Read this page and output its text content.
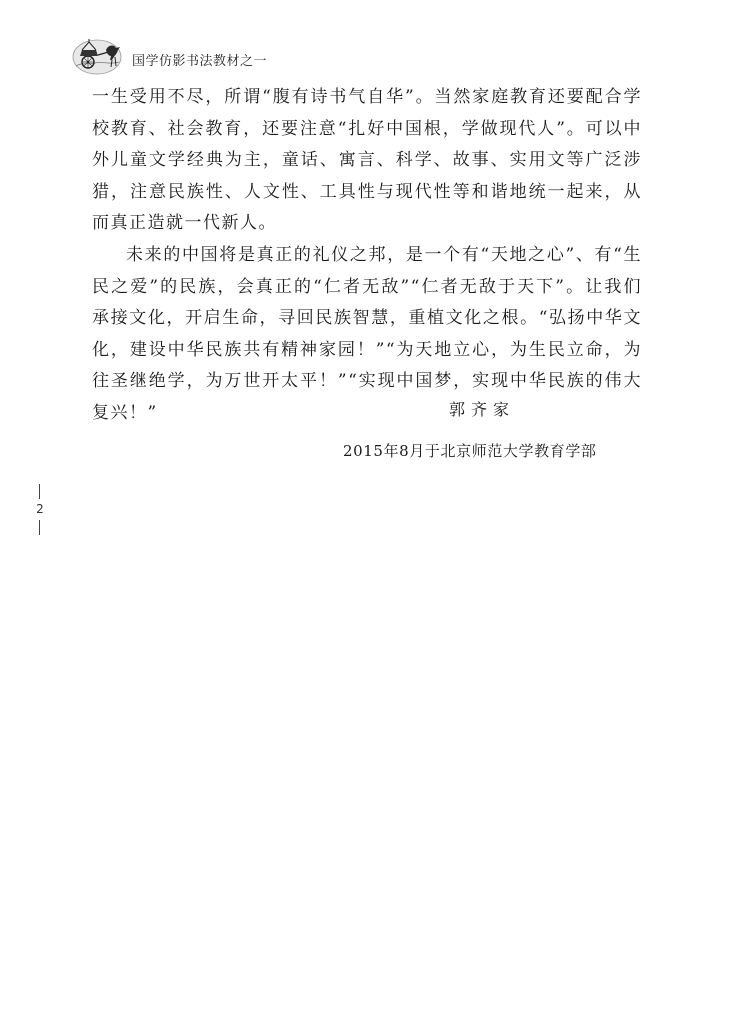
国学仿影书法教材之一

一生受用不尽，所谓“腹有诗书气自华”。当然家庭教育还要配合学校教育、社会教育，还要注意“扎好中国根，学做现代人”。可以中外儿童文学经典为主，童话、寓言、科学、故事、实用文等广泛涉猎，注意民族性、人文性、工具性与现代性等和谐地统一起来，从而真正造就一代新人。

未来的中国将是真正的礼仪之邦，是一个有“天地之心”、有“生民之爱”的民族，会真正的“仁者无敌”“仁者无敌于天下”。让我们承接文化，开启生命，寻回民族智慧，重植文化之根。“弘扬中华文化，建设中华民族共有精神家园！”“为天地立心，为生民立命，为往圣继绝学，为万世开太平！”“实现中国梦，实现中华民族的伟大复兴！”	郭齐家
2015年8月于北京师范大学教育学部
2
